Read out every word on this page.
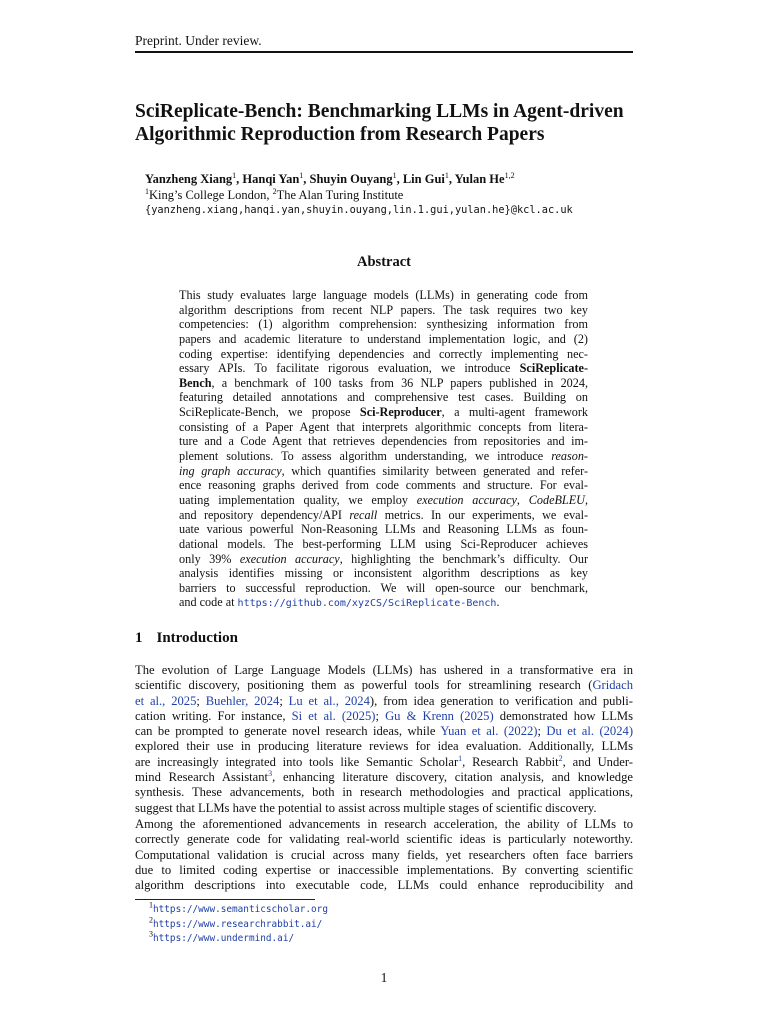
Preprint. Under review.
SciReplicate-Bench: Benchmarking LLMs in Agent-driven
Algorithmic Reproduction from Research Papers
Yanzheng Xiang$^1$, Hanqi Yan$^1$, Shuyin Ouyang$^1$, Lin Gui$^1$, Yulan He$^{1,2}$
$^1$King’s College London, $^2$The Alan Turing Institute
{yanzheng.xiang,hanqi.yan,shuyin.ouyang,lin.1.gui,yulan.he}@kcl.ac.uk
Abstract
This study evaluates large language models (LLMs) in generating code from
algorithm descriptions from recent NLP papers. The task requires two key
competencies: (1) algorithm comprehension: synthesizing information from
papers and academic literature to understand implementation logic, and (2)
coding expertise: identifying dependencies and correctly implementing nec-
essary APIs. To facilitate rigorous evaluation, we introduce SciReplicate-
Bench, a benchmark of 100 tasks from 36 NLP papers published in 2024,
featuring detailed annotations and comprehensive test cases. Building on
SciReplicate-Bench, we propose Sci-Reproducer, a multi-agent framework
consisting of a Paper Agent that interprets algorithmic concepts from litera-
ture and a Code Agent that retrieves dependencies from repositories and im-
plement solutions. To assess algorithm understanding, we introduce reason-
ing graph accuracy, which quantifies similarity between generated and refer-
ence reasoning graphs derived from code comments and structure. For eval-
uating implementation quality, we employ execution accuracy, CodeBLEU,
and repository dependency/API recall metrics. In our experiments, we eval-
uate various powerful Non-Reasoning LLMs and Reasoning LLMs as foun-
dational models. The best-performing LLM using Sci-Reproducer achieves
only 39% execution accuracy, highlighting the benchmark’s difficulty. Our
analysis identifies missing or inconsistent algorithm descriptions as key
barriers to successful reproduction. We will open-source our benchmark,
and code at https://github.com/xyzCS/SciReplicate-Bench.
1 Introduction
The evolution of Large Language Models (LLMs) has ushered in a transformative era in
scientific discovery, positioning them as powerful tools for streamlining research (Gridach
et al., 2025; Buehler, 2024; Lu et al., 2024), from idea generation to verification and publi-
cation writing. For instance, Si et al. (2025); Gu & Krenn (2025) demonstrated how LLMs
can be prompted to generate novel research ideas, while Yuan et al. (2022); Du et al. (2024)
explored their use in producing literature reviews for idea evaluation. Additionally, LLMs
are increasingly integrated into tools like Semantic Scholar$^1$, Research Rabbit$^2$, and Under-
mind Research Assistant$^3$, enhancing literature discovery, citation analysis, and knowledge
synthesis. These advancements, both in research methodologies and practical applications,
suggest that LLMs have the potential to assist across multiple stages of scientific discovery.
Among the aforementioned advancements in research acceleration, the ability of LLMs to
correctly generate code for validating real-world scientific ideas is particularly noteworthy.
Computational validation is crucial across many fields, yet researchers often face barriers
due to limited coding expertise or inaccessible implementations. By converting scientific
algorithm descriptions into executable code, LLMs could enhance reproducibility and
$^1$https://www.semanticscholar.org
$^2$https://www.researchrabbit.ai/
$^3$https://www.undermind.ai/
1
